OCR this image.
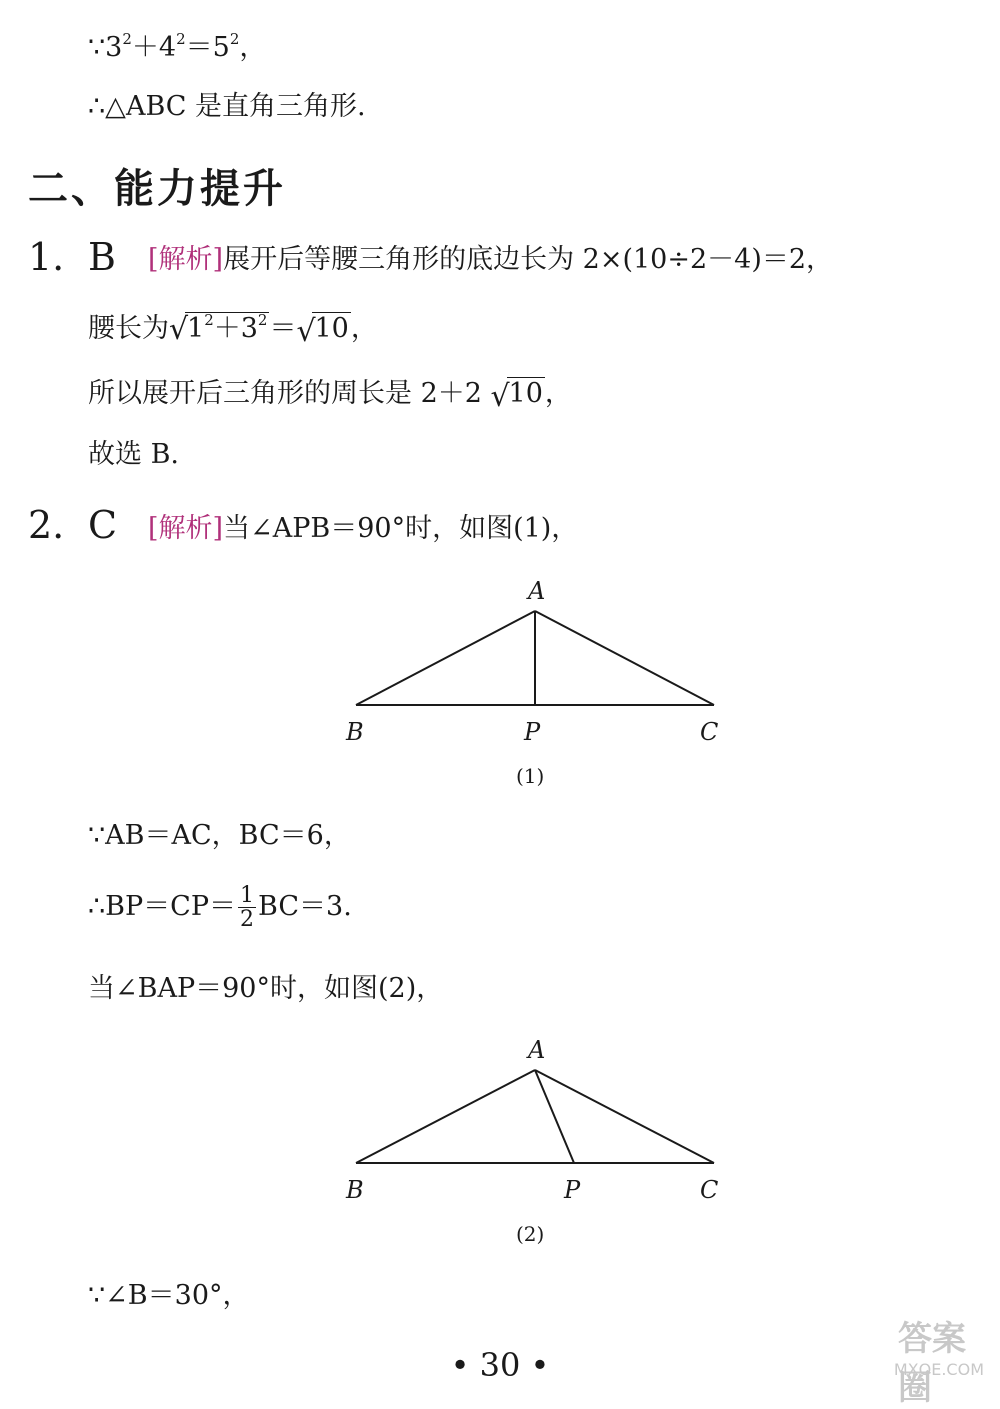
$\because 3^2+4^2=5^2$，
∴△ABC 是直角三角形.
二、能力提升
1. B [解析]展开后等腰三角形的底边长为 2×(10÷2－4)＝2，
腰长为 √
$1^2+3^2=$ √
10，
所以展开后三角形的周长是 2＋2 √
10，
故选 B.
2. C [解析]当∠APB＝90°时，如图(1)，
A
B	P	C
(1)
∵AB＝AC，BC＝6，
∴BP＝CP＝ $\frac{1}{2} BC=3$.
当∠BAP＝90°时，如图(2)，
A
B	P	C
(2)
∵∠B＝30°，
• 30 •
答案圈
MXQE.COM
